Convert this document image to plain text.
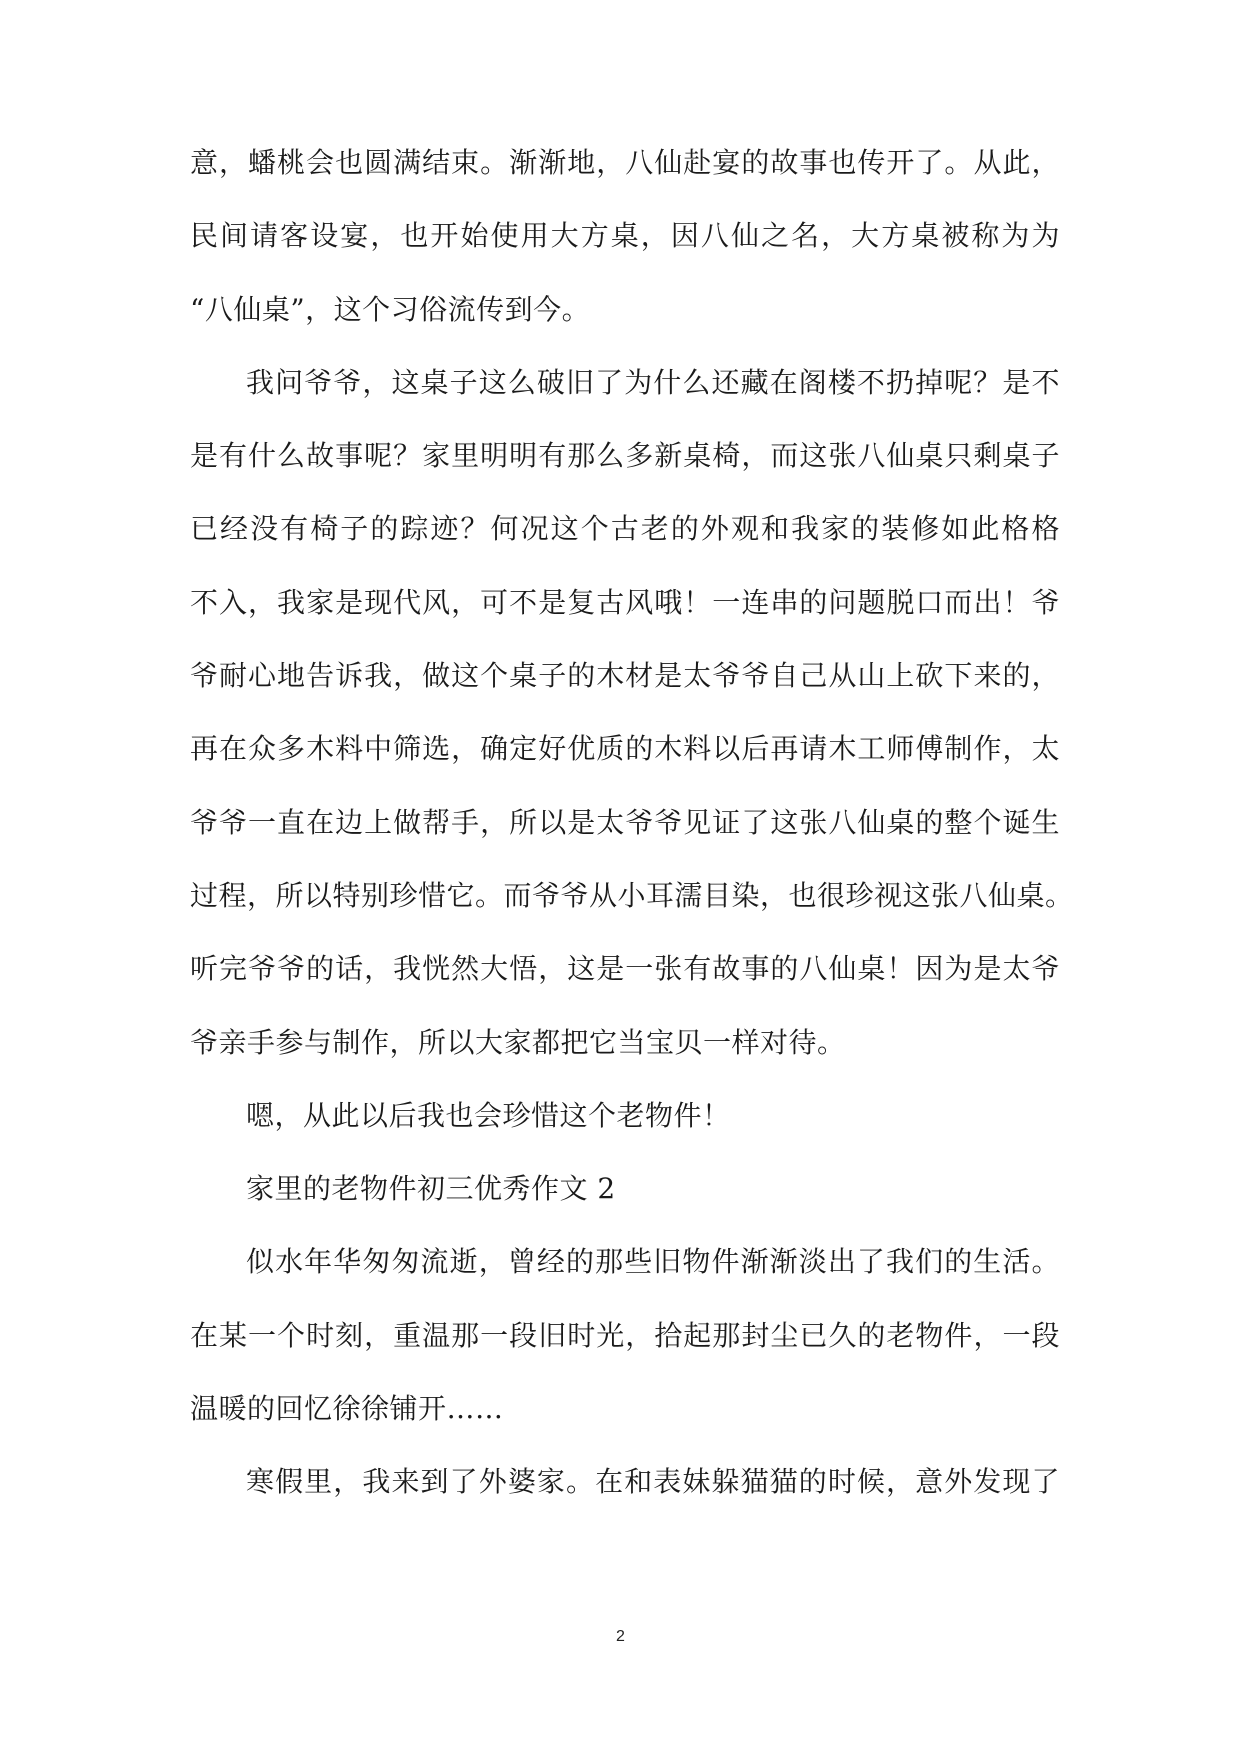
意，蟠桃会也圆满结束。渐渐地，八仙赴宴的故事也传开了。从此，
民间请客设宴，也开始使用大方桌，因八仙之名，大方桌被称为为
“八仙桌”，这个习俗流传到今。
我问爷爷，这桌子这么破旧了为什么还藏在阁楼不扔掉呢？是不
是有什么故事呢？家里明明有那么多新桌椅，而这张八仙桌只剩桌子
已经没有椅子的踪迹？何况这个古老的外观和我家的装修如此格格
不入，我家是现代风，可不是复古风哦！一连串的问题脱口而出！爷
爷耐心地告诉我，做这个桌子的木材是太爷爷自己从山上砍下来的，
再在众多木料中筛选，确定好优质的木料以后再请木工师傅制作，太
爷爷一直在边上做帮手，所以是太爷爷见证了这张八仙桌的整个诞生
过程，所以特别珍惜它。而爷爷从小耳濡目染，也很珍视这张八仙桌。
听完爷爷的话，我恍然大悟，这是一张有故事的八仙桌！因为是太爷
爷亲手参与制作，所以大家都把它当宝贝一样对待。
嗯，从此以后我也会珍惜这个老物件！
家里的老物件初三优秀作文 2
似水年华匆匆流逝，曾经的那些旧物件渐渐淡出了我们的生活。
在某一个时刻，重温那一段旧时光，拾起那封尘已久的老物件，一段
温暖的回忆徐徐铺开……
寒假里，我来到了外婆家。在和表妹躲猫猫的时候，意外发现了
2
